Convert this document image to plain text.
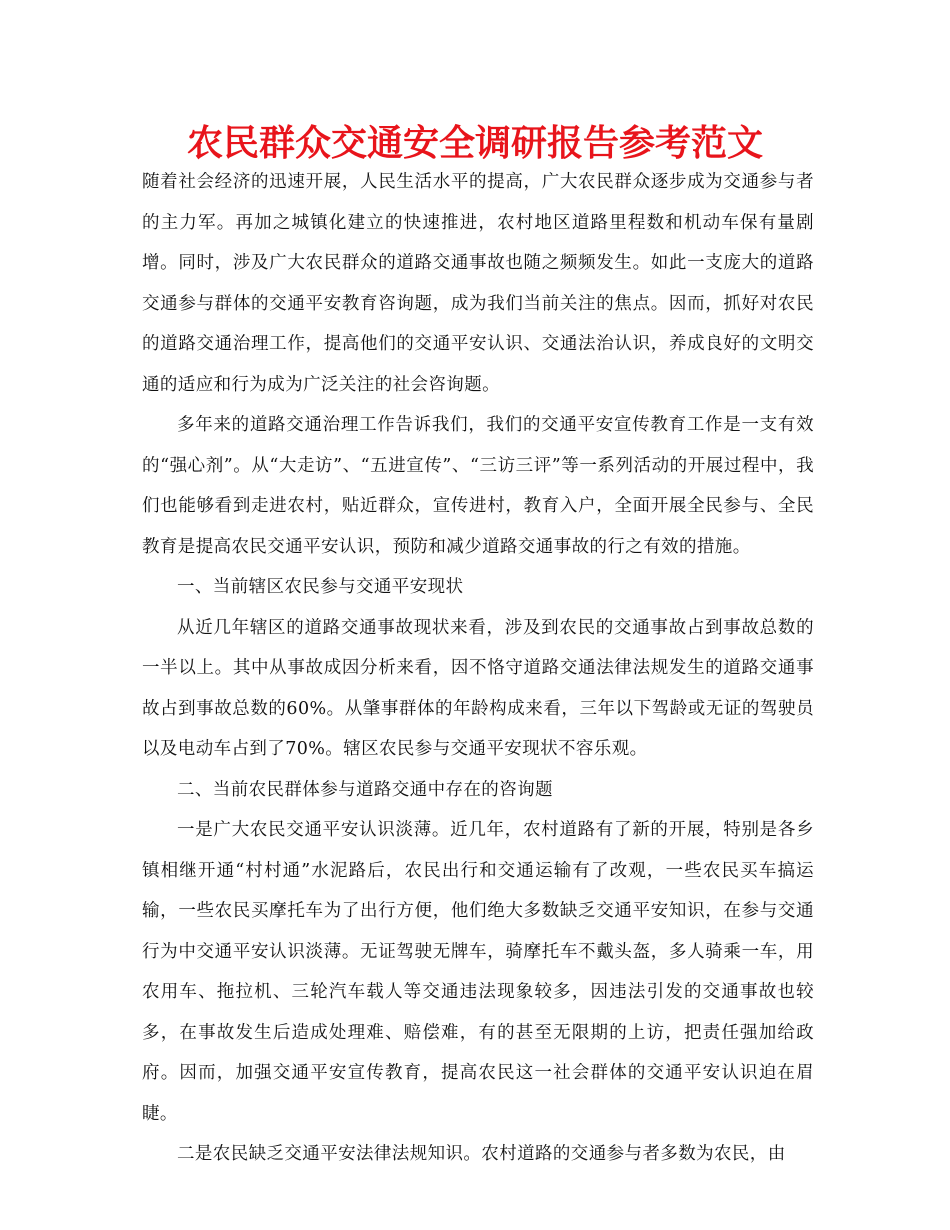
农民群众交通安全调研报告参考范文

随着社会经济的迅速开展，人民生活水平的提高，广大农民群众逐步成为交通参与者的主力军。再加之城镇化建立的快速推进，农村地区道路里程数和机动车保有量剧增。同时，涉及广大农民群众的道路交通事故也随之频频发生。如此一支庞大的道路交通参与群体的交通平安教育咨询题，成为我们当前关注的焦点。因而，抓好对农民的道路交通治理工作，提高他们的交通平安认识、交通法治认识，养成良好的文明交通的适应和行为成为广泛关注的社会咨询题。

多年来的道路交通治理工作告诉我们，我们的交通平安宣传教育工作是一支有效的“强心剂”。从“大走访”、“五进宣传”、“三访三评”等一系列活动的开展过程中，我们也能够看到走进农村，贴近群众，宣传进村，教育入户，全面开展全民参与、全民教育是提高农民交通平安认识，预防和减少道路交通事故的行之有效的措施。

一、当前辖区农民参与交通平安现状

从近几年辖区的道路交通事故现状来看，涉及到农民的交通事故占到事故总数的一半以上。其中从事故成因分析来看，因不恪守道路交通法律法规发生的道路交通事故占到事故总数的60%。从肇事群体的年龄构成来看，三年以下驾龄或无证的驾驶员以及电动车占到了70%。辖区农民参与交通平安现状不容乐观。

二、当前农民群体参与道路交通中存在的咨询题

一是广大农民交通平安认识淡薄。近几年，农村道路有了新的开展，特别是各乡镇相继开通“村村通”水泥路后，农民出行和交通运输有了改观，一些农民买车搞运输，一些农民买摩托车为了出行方便，他们绝大多数缺乏交通平安知识，在参与交通行为中交通平安认识淡薄。无证驾驶无牌车，骑摩托车不戴头盔，多人骑乘一车，用农用车、拖拉机、三轮汽车载人等交通违法现象较多，因违法引发的交通事故也较多，在事故发生后造成处理难、赔偿难，有的甚至无限期的上访，把责任强加给政府。因而，加强交通平安宣传教育，提高农民这一社会群体的交通平安认识迫在眉睫。

二是农民缺乏交通平安法律法规知识。农村道路的交通参与者多数为农民，由
